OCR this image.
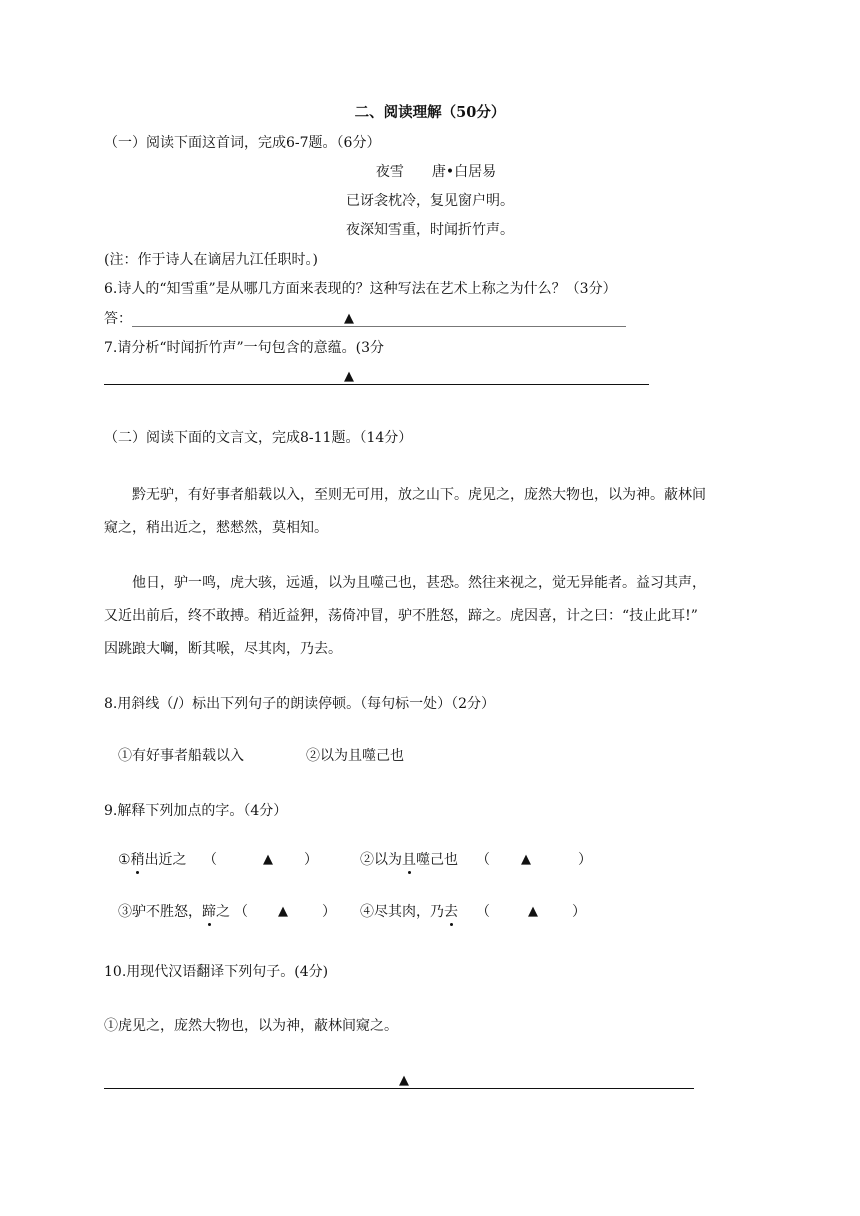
二、阅读理解（50分）
（一）阅读下面这首词，完成6-7题。（6分）
夜雪　　唐•白居易
已讶衾枕冷，复见窗户明。
夜深知雪重，时闻折竹声。
(注：作于诗人在谪居九江任职时。)
6.诗人的“知雪重”是从哪几方面来表现的？这种写法在艺术上称之为什么？（3分）
答：	▲
7.请分析“时闻折竹声”一句包含的意蕴。(3分
▲
（二）阅读下面的文言文，完成8-11题。（14分）
黔无驴，有好事者船载以入，至则无可用，放之山下。虎见之，庞然大物也，以为神。蔽林间
窥之，稍出近之，憖憖然，莫相知。
他日，驴一鸣，虎大骇，远遁，以为且噬己也，甚恐。然往来视之，觉无异能者。益习其声，
又近出前后，终不敢搏。稍近益狎，荡倚冲冒，驴不胜怒，蹄之。虎因喜，计之曰：“技止此耳!”
因跳踉大㘎，断其喉，尽其肉，乃去。
8.用斜线（/）标出下列句子的朗读停顿。（每句标一处）（2分）
①有好事者船载以入	②以为且噬己也
9.解释下列加点的字。（4分）
①稍出近之 （	▲ ）	②以为且噬己也 （ ▲	）
③驴不胜怒，蹄之 （ ▲ ） ④尽其肉，乃去 （	▲ ）
10.用现代汉语翻译下列句子。(4分)
①虎见之，庞然大物也，以为神，蔽林间窥之。
▲
